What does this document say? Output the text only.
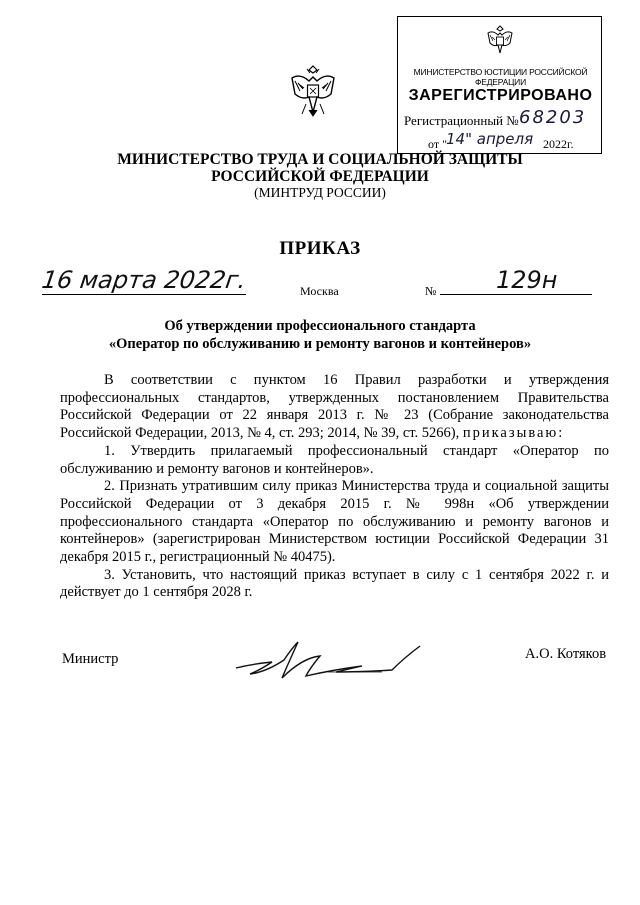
МИНИСТЕРСТВО ЮСТИЦИИ РОССИЙСКОЙ ФЕДЕРАЦИИ
ЗАРЕГИСТРИРОВАНО
Регистрационный № 68203
от " 14" апреля 2022г.
МИНИСТЕРСТВО ТРУДА И СОЦИАЛЬНОЙ ЗАЩИТЫ
РОССИЙСКОЙ ФЕДЕРАЦИИ
(МИНТРУД РОССИИ)
ПРИКАЗ
16 марта 2022г.	Москва	№ 129н
Об утверждении профессионального стандарта
«Оператор по обслуживанию и ремонту вагонов и контейнеров»

В соответствии с пунктом 16 Правил разработки и утверждения профессиональных стандартов, утвержденных постановлением Правительства Российской Федерации от 22 января 2013 г. № 23 (Собрание законодательства Российской Федерации, 2013, № 4, ст. 293; 2014, № 39, ст. 5266), приказываю:

1. Утвердить прилагаемый профессиональный стандарт «Оператор по обслуживанию и ремонту вагонов и контейнеров».

2. Признать утратившим силу приказ Министерства труда и социальной защиты Российской Федерации от 3 декабря 2015 г. № 998н «Об утверждении профессионального стандарта «Оператор по обслуживанию и ремонту вагонов и контейнеров» (зарегистрирован Министерством юстиции Российской Федерации 31 декабря 2015 г., регистрационный № 40475).

3. Установить, что настоящий приказ вступает в силу с 1 сентября 2022 г. и действует до 1 сентября 2028 г.

Министр	А.О. Котяков
